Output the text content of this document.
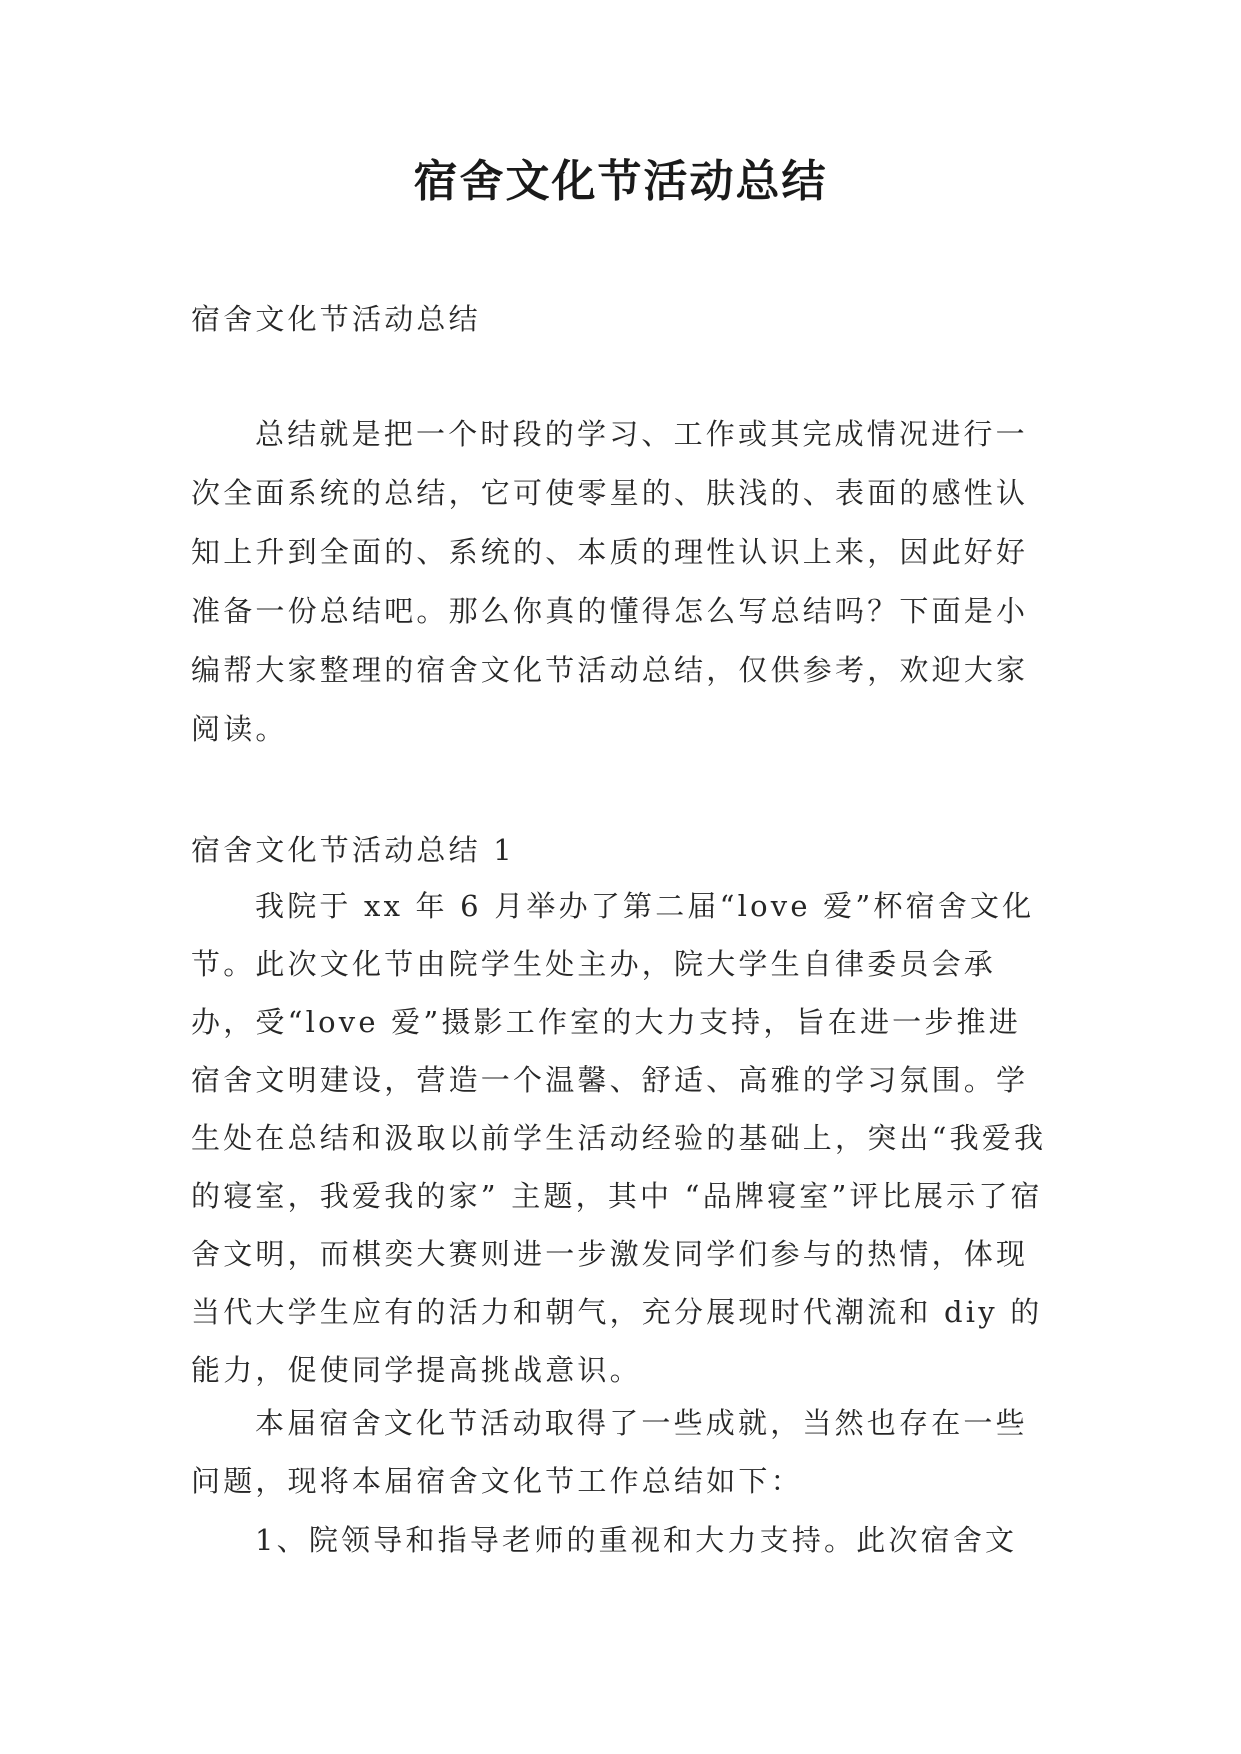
宿舍文化节活动总结

宿舍文化节活动总结

总结就是把一个时段的学习、工作或其完成情况进行一次全面系统的总结，它可使零星的、肤浅的、表面的感性认知上升到全面的、系统的、本质的理性认识上来，因此好好准备一份总结吧。那么你真的懂得怎么写总结吗？下面是小编帮大家整理的宿舍文化节活动总结，仅供参考，欢迎大家阅读。

宿舍文化节活动总结 1

我院于 xx 年 6 月举办了第二届“love 爱”杯宿舍文化节。此次文化节由院学生处主办，院大学生自律委员会承办，受“love 爱”摄影工作室的大力支持，旨在进一步推进宿舍文明建设，营造一个温馨、舒适、高雅的学习氛围。学生处在总结和汲取以前学生活动经验的基础上，突出“我爱我的寝室，我爱我的家” 主题，其中 “品牌寝室”评比展示了宿舍文明，而棋奕大赛则进一步激发同学们参与的热情，体现当代大学生应有的活力和朝气，充分展现时代潮流和 diy 的能力，促使同学提高挑战意识。

本届宿舍文化节活动取得了一些成就，当然也存在一些问题，现将本届宿舍文化节工作总结如下：

1、院领导和指导老师的重视和大力支持。此次宿舍文
